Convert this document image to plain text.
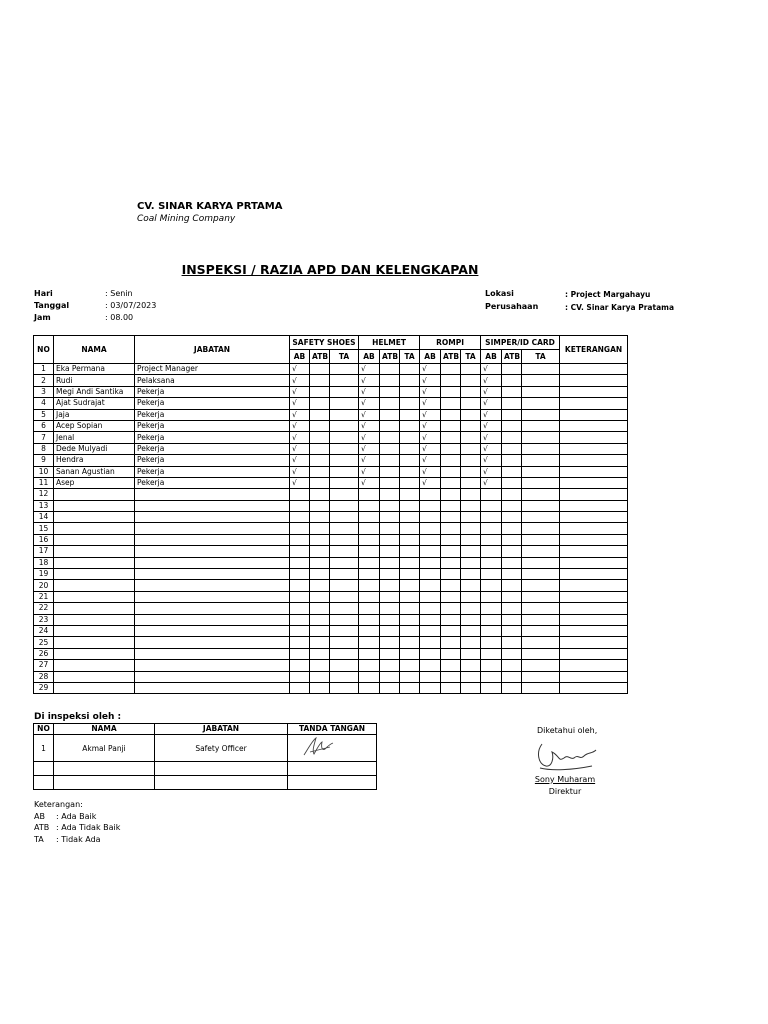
CV. SINAR KARYA PRTAMA
Coal Mining Company
INSPEKSI / RAZIA APD DAN KELENGKAPAN
Hari	: Senin
Tanggal	: 03/07/2023
Jam	: 08.00
Lokasi	: Project Margahayu
Perusahaan	: CV. Sinar Karya Pratama
NO	NAMA	JABATAN	SAFETY SHOES			HELMET			ROMPI			SIMPER/ID CARD			KETERANGAN
			AB	ATB	TA	AB	ATB	TA	AB	ATB	TA	AB	ATB	TA	
1	Eka Permana	Project Manager	√			√			√			√			
2	Rudi	Pelaksana	√			√			√			√			
3	Megi Andi Santika	Pekerja	√			√			√			√			
4	Ajat Sudrajat	Pekerja	√			√			√			√			
5	Jaja	Pekerja	√			√			√			√			
6	Acep Sopian	Pekerja	√			√			√			√			
7	Jenal	Pekerja	√			√			√			√			
8	Dede Mulyadi	Pekerja	√			√			√			√			
9	Hendra	Pekerja	√			√			√			√			
10	Sanan Agustian	Pekerja	√			√			√			√			
11	Asep	Pekerja	√			√			√			√			
12															
13															
14															
15															
16															
17															
18															
19															
20															
21															
22															
23															
24															
25															
26															
27															
28															
29															
Di inspeksi oleh :
NO	NAMA	JABATAN	TANDA TANGAN
1	Akmal Panji	Safety Officer	

Diketahui oleh,
Sony Muharam
Direktur
Keterangan:
AB : Ada Baik
ATB : Ada Tidak Baik
TA : Tidak Ada
